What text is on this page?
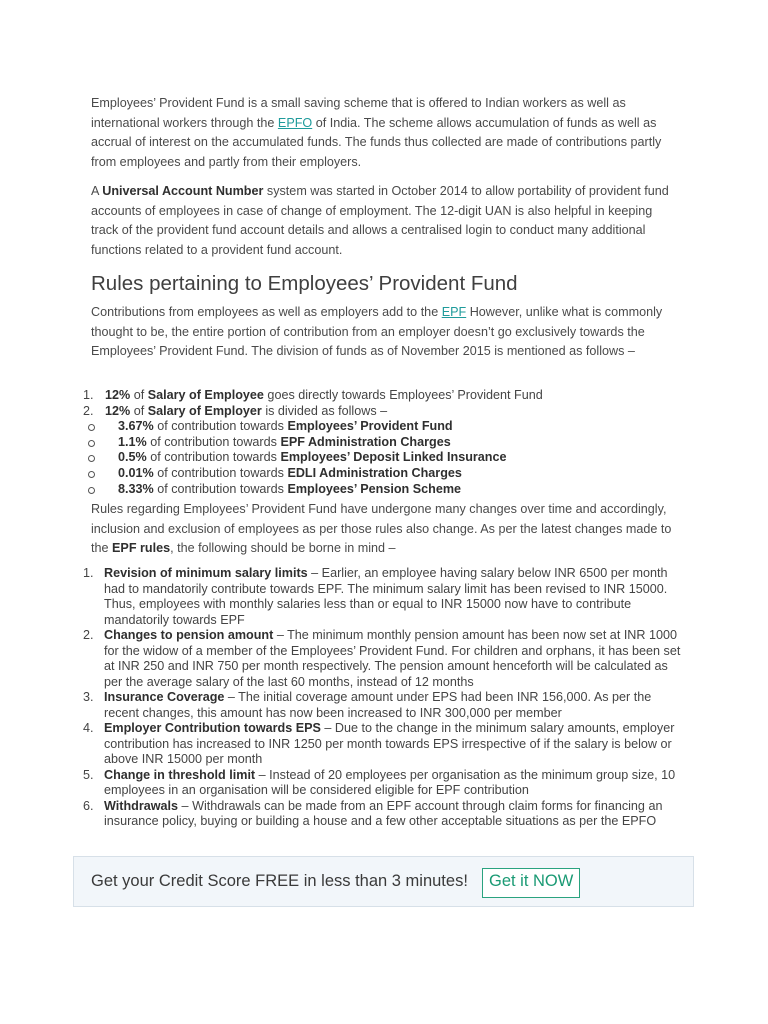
Employees’ Provident Fund is a small saving scheme that is offered to Indian workers as well as international workers through the EPFO of India. The scheme allows accumulation of funds as well as accrual of interest on the accumulated funds. The funds thus collected are made of contributions partly from employees and partly from their employers.

A Universal Account Number system was started in October 2014 to allow portability of provident fund accounts of employees in case of change of employment. The 12-digit UAN is also helpful in keeping track of the provident fund account details and allows a centralised login to conduct many additional functions related to a provident fund account.

Rules pertaining to Employees’ Provident Fund

Contributions from employees as well as employers add to the EPF However, unlike what is commonly thought to be, the entire portion of contribution from an employer doesn’t go exclusively towards the Employees’ Provident Fund. The division of funds as of November 2015 is mentioned as follows –

1. 12% of Salary of Employee goes directly towards Employees’ Provident Fund
2. 12% of Salary of Employer is divided as follows –
3.67% of contribution towards Employees’ Provident Fund
1.1% of contribution towards EPF Administration Charges
0.5% of contribution towards Employees’ Deposit Linked Insurance
0.01% of contribution towards EDLI Administration Charges
8.33% of contribution towards Employees’ Pension Scheme

Rules regarding Employees’ Provident Fund have undergone many changes over time and accordingly, inclusion and exclusion of employees as per those rules also change. As per the latest changes made to the EPF rules, the following should be borne in mind –

1. Revision of minimum salary limits – Earlier, an employee having salary below INR 6500 per month had to mandatorily contribute towards EPF. The minimum salary limit has been revised to INR 15000. Thus, employees with monthly salaries less than or equal to INR 15000 now have to contribute mandatorily towards EPF
2. Changes to pension amount – The minimum monthly pension amount has been now set at INR 1000 for the widow of a member of the Employees’ Provident Fund. For children and orphans, it has been set at INR 250 and INR 750 per month respectively. The pension amount henceforth will be calculated as per the average salary of the last 60 months, instead of 12 months
3. Insurance Coverage – The initial coverage amount under EPS had been INR 156,000. As per the recent changes, this amount has now been increased to INR 300,000 per member
4. Employer Contribution towards EPS – Due to the change in the minimum salary amounts, employer contribution has increased to INR 1250 per month towards EPS irrespective of if the salary is below or above INR 15000 per month
5. Change in threshold limit – Instead of 20 employees per organisation as the minimum group size, 10 employees in an organisation will be considered eligible for EPF contribution
6. Withdrawals – Withdrawals can be made from an EPF account through claim forms for financing an insurance policy, buying or building a house and a few other acceptable situations as per the EPFO
Get your Credit Score FREE in less than 3 minutes!	Get it NOW
